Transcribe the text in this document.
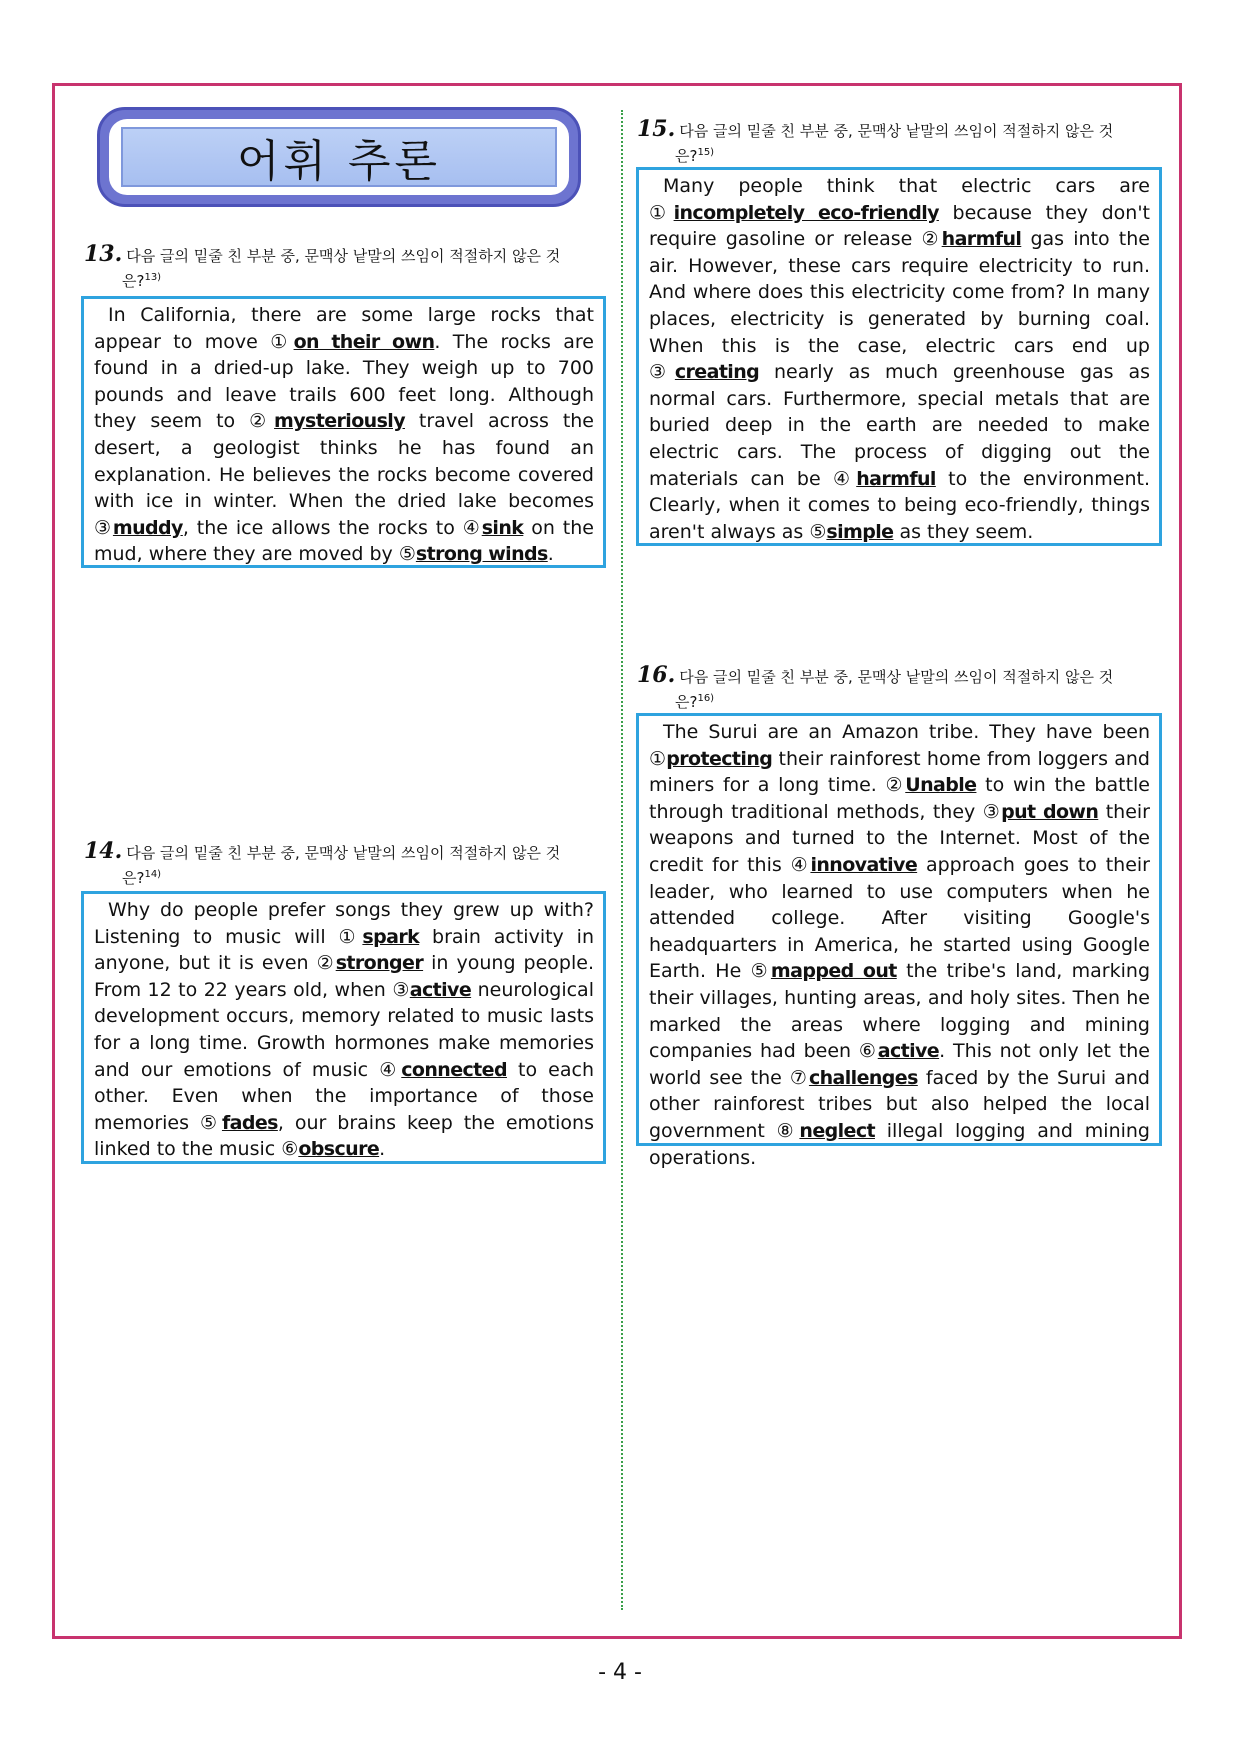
어휘 추론
13. 다음 글의 밑줄 친 부분 중, 문맥상 낱말의 쓰임이 적절하지 않은 것
은?$^{13)}$

In California, there are some large rocks that appear to move ①on their own. The rocks are found in a dried-up lake. They weigh up to 700 pounds and leave trails 600 feet long. Although they seem to ②mysteriously travel across the desert, a geologist thinks he has found an explanation. He believes the rocks become covered with ice in winter. When the dried lake becomes ③muddy, the ice allows the rocks to ④sink on the mud, where they are moved by ⑤strong winds.

14. 다음 글의 밑줄 친 부분 중, 문맥상 낱말의 쓰임이 적절하지 않은 것
은?$^{14)}$

Why do people prefer songs they grew up with? Listening to music will ①spark brain activity in anyone, but it is even ②stronger in young people. From 12 to 22 years old, when ③active neurological development occurs, memory related to music lasts for a long time. Growth hormones make memories and our emotions of music ④connected to each other. Even when the importance of those memories ⑤fades, our brains keep the emotions linked to the music ⑥obscure.

15. 다음 글의 밑줄 친 부분 중, 문맥상 낱말의 쓰임이 적절하지 않은 것
은?$^{15)}$

Many people think that electric cars are ①incompletely eco-friendly because they don't require gasoline or release ②harmful gas into the air. However, these cars require electricity to run. And where does this electricity come from? In many places, electricity is generated by burning coal. When this is the case, electric cars end up ③creating nearly as much greenhouse gas as normal cars. Furthermore, special metals that are buried deep in the earth are needed to make electric cars. The process of digging out the materials can be ④harmful to the environment. Clearly, when it comes to being eco-friendly, things aren't always as ⑤simple as they seem.

16. 다음 글의 밑줄 친 부분 중, 문맥상 낱말의 쓰임이 적절하지 않은 것
은?$^{16)}$

The Surui are an Amazon tribe. They have been ①protecting their rainforest home from loggers and miners for a long time. ②Unable to win the battle through traditional methods, they ③put down their weapons and turned to the Internet. Most of the credit for this ④innovative approach goes to their leader, who learned to use computers when he attended college. After visiting Google's headquarters in America, he started using Google Earth. He ⑤mapped out the tribe's land, marking their villages, hunting areas, and holy sites. Then he marked the areas where logging and mining companies had been ⑥active. This not only let the world see the ⑦challenges faced by the Surui and other rainforest tribes but also helped the local government ⑧neglect illegal logging and mining operations.

- 4 -
